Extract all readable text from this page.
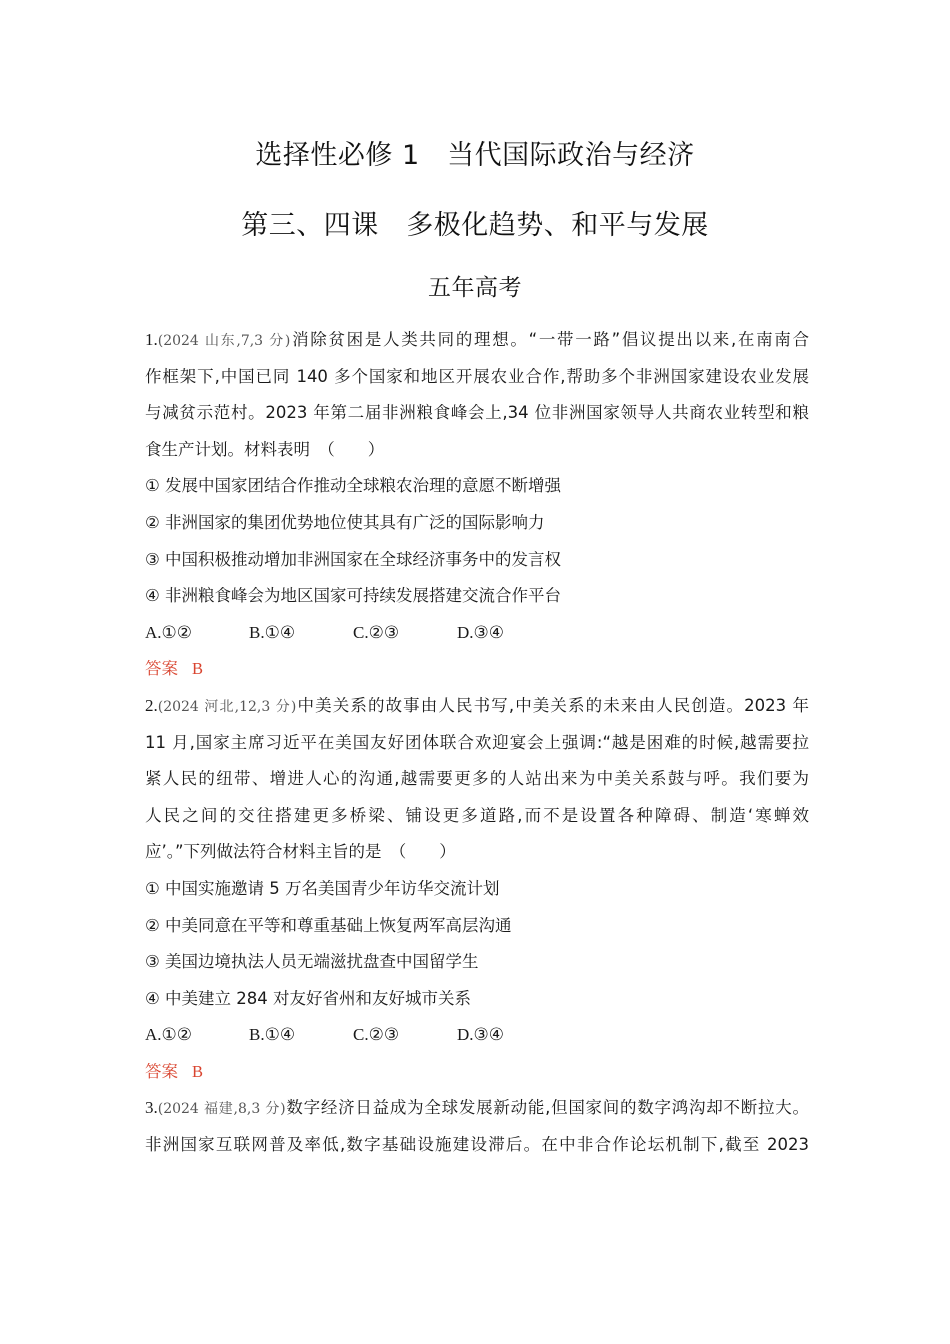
选择性必修 1　当代国际政治与经济
第三、四课　多极化趋势、和平与发展
五年高考
1.(2024 山东,7,3 分)消除贫困是人类共同的理想。“一带一路”倡议提出以来,在南南合
作框架下,中国已同 140 多个国家和地区开展农业合作,帮助多个非洲国家建设农业发展
与减贫示范村。2023 年第二届非洲粮食峰会上,34 位非洲国家领导人共商农业转型和粮
食生产计划。材料表明　（　　）
① 发展中国家团结合作推动全球粮农治理的意愿不断增强
② 非洲国家的集团优势地位使其具有广泛的国际影响力
③ 中国积极推动增加非洲国家在全球经济事务中的发言权
④ 非洲粮食峰会为地区国家可持续发展搭建交流合作平台
A.①②	B.①④	C.②③	D.③④
答案 B
2.(2024 河北,12,3 分)中美关系的故事由人民书写,中美关系的未来由人民创造。2023 年
11 月,国家主席习近平在美国友好团体联合欢迎宴会上强调:“越是困难的时候,越需要拉
紧人民的纽带、增进人心的沟通,越需要更多的人站出来为中美关系鼓与呼。我们要为
人民之间的交往搭建更多桥梁、铺设更多道路,而不是设置各种障碍、制造‘寒蝉效
应’。”下列做法符合材料主旨的是　（　　）
① 中国实施邀请 5 万名美国青少年访华交流计划
② 中美同意在平等和尊重基础上恢复两军高层沟通
③ 美国边境执法人员无端滋扰盘查中国留学生
④ 中美建立 284 对友好省州和友好城市关系
A.①②	B.①④	C.②③	D.③④
答案 B
3.(2024 福建,8,3 分)数字经济日益成为全球发展新动能,但国家间的数字鸿沟却不断拉大。
非洲国家互联网普及率低,数字基础设施建设滞后。在中非合作论坛机制下,截至 2023
